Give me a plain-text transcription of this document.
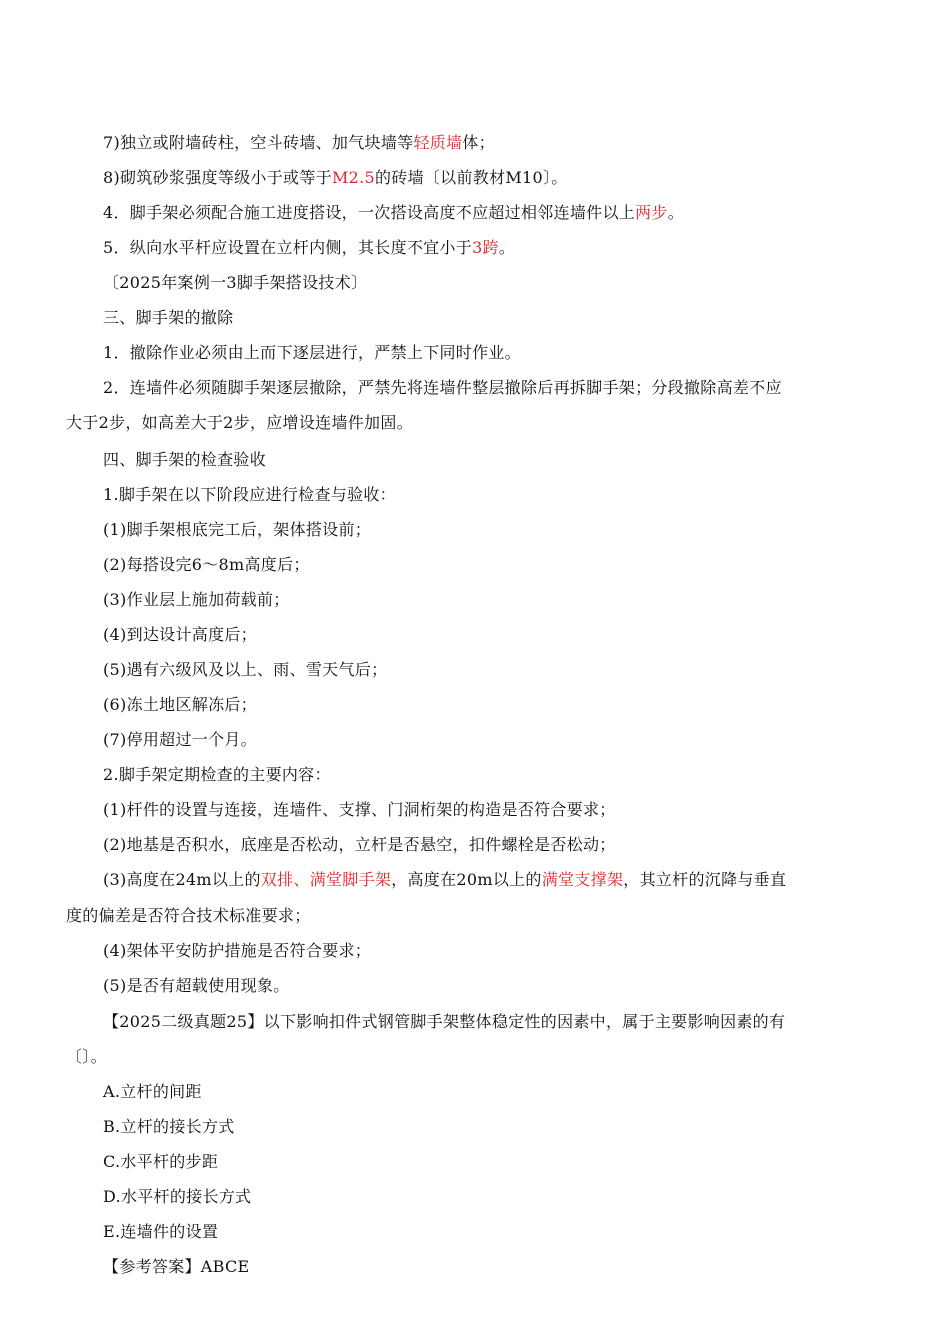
7)独立或附墙砖柱，空斗砖墙、加气块墙等轻质墙体；
8)砌筑砂浆强度等级小于或等于M2.5的砖墙〔以前教材M10〕。
4．脚手架必须配合施工进度搭设，一次搭设高度不应超过相邻连墙件以上两步。
5．纵向水平杆应设置在立杆内侧，其长度不宜小于3跨。
〔2025年案例一3脚手架搭设技术〕
三、脚手架的撤除
1．撤除作业必须由上而下逐层进行，严禁上下同时作业。
2．连墙件必须随脚手架逐层撤除，严禁先将连墙件整层撤除后再拆脚手架；分段撤除高差不应
大于2步，如高差大于2步，应增设连墙件加固。
四、脚手架的检查验收
1.脚手架在以下阶段应进行检查与验收：
(1)脚手架根底完工后，架体搭设前；
(2)每搭设完6～8m高度后；
(3)作业层上施加荷载前；
(4)到达设计高度后；
(5)遇有六级风及以上、雨、雪天气后；
(6)冻土地区解冻后；
(7)停用超过一个月。
2.脚手架定期检查的主要内容：
(1)杆件的设置与连接，连墙件、支撑、门洞桁架的构造是否符合要求；
(2)地基是否积水，底座是否松动，立杆是否悬空，扣件螺栓是否松动；
(3)高度在24m以上的双排、满堂脚手架，高度在20m以上的满堂支撑架，其立杆的沉降与垂直
度的偏差是否符合技术标准要求；
(4)架体平安防护措施是否符合要求；
(5)是否有超载使用现象。
【2025二级真题25】以下影响扣件式钢管脚手架整体稳定性的因素中，属于主要影响因素的有
〔〕。
A.立杆的间距
B.立杆的接长方式
C.水平杆的步距
D.水平杆的接长方式
E.连墙件的设置
【参考答案】ABCE
